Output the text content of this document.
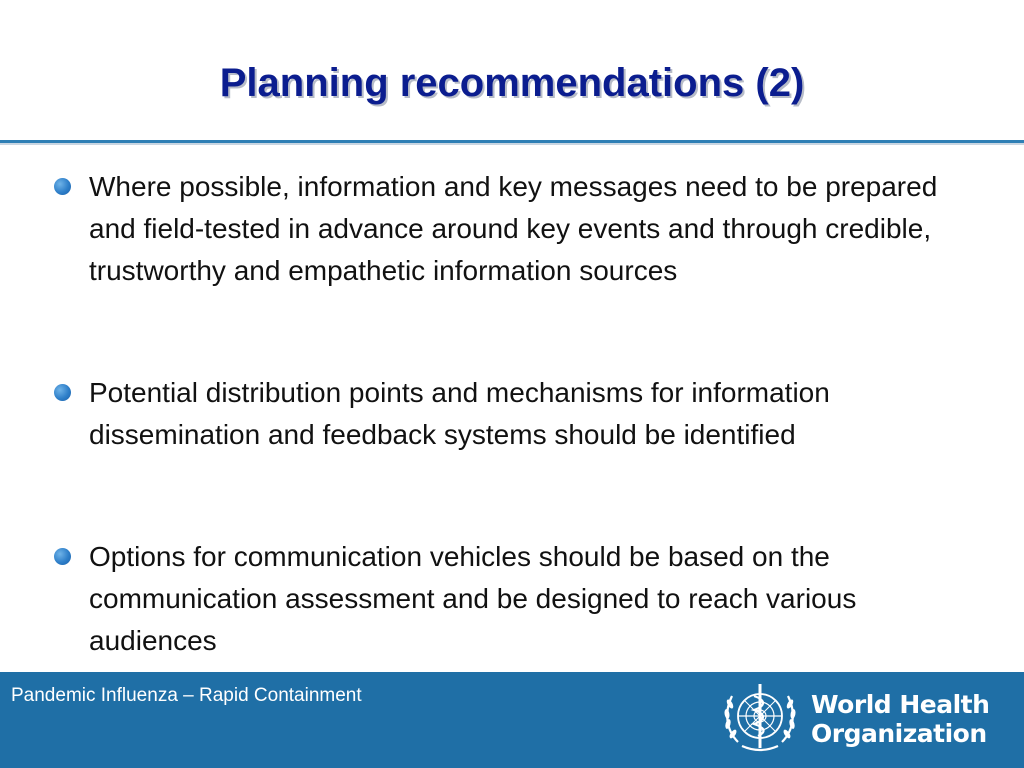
Planning recommendations (2)
Where possible, information and key messages need to be prepared and field-tested in advance around key events and through credible, trustworthy and empathetic information sources
Potential distribution points and mechanisms for information dissemination and feedback systems should be identified
Options for communication vehicles should be based on the communication assessment and be designed to reach various audiences
Pandemic Influenza – Rapid Containment	World Health
Organization
